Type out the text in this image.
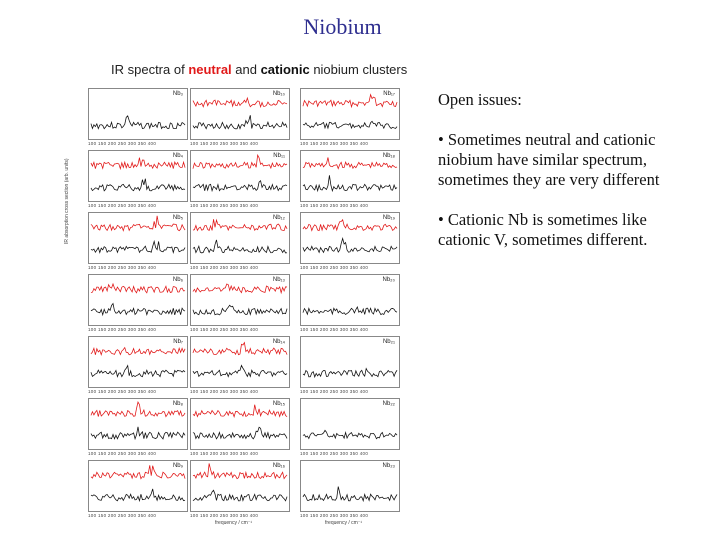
Niobium
IR spectra of neutral and cationic niobium clusters
IR absorption cross section (arb. units)
Nb₃
100 150 200 250 300 350 400
Nb₁₀
100 150 200 250 300 350 400
Nb₁₇
100 150 200 250 300 350 400
Nb₄
100 150 200 250 300 350 400
Nb₁₁
100 150 200 250 300 350 400
Nb₁₈
100 150 200 250 300 350 400
Nb₅
100 150 200 250 300 350 400
Nb₁₂
100 150 200 250 300 350 400
Nb₁₉
100 150 200 250 300 350 400
Nb₆
100 150 200 250 300 350 400
Nb₁₃
100 150 200 250 300 350 400
Nb₂₀
100 150 200 250 300 350 400
Nb₇
100 150 200 250 300 350 400
Nb₁₄
100 150 200 250 300 350 400
Nb₂₁
100 150 200 250 300 350 400
Nb₈
100 150 200 250 300 350 400
Nb₁₅
100 150 200 250 300 350 400
Nb₂₂
100 150 200 250 300 350 400
Nb₉
100 150 200 250 300 350 400
Nb₁₆
100 150 200 250 300 350 400
Nb₂₃
100 150 200 250 300 350 400
frequency / cm⁻¹	frequency / cm⁻¹

Open issues:

• Sometimes neutral and cationic niobium have similar spectrum, sometimes they are very different

• Cationic Nb is sometimes like cationic V, sometimes different.
